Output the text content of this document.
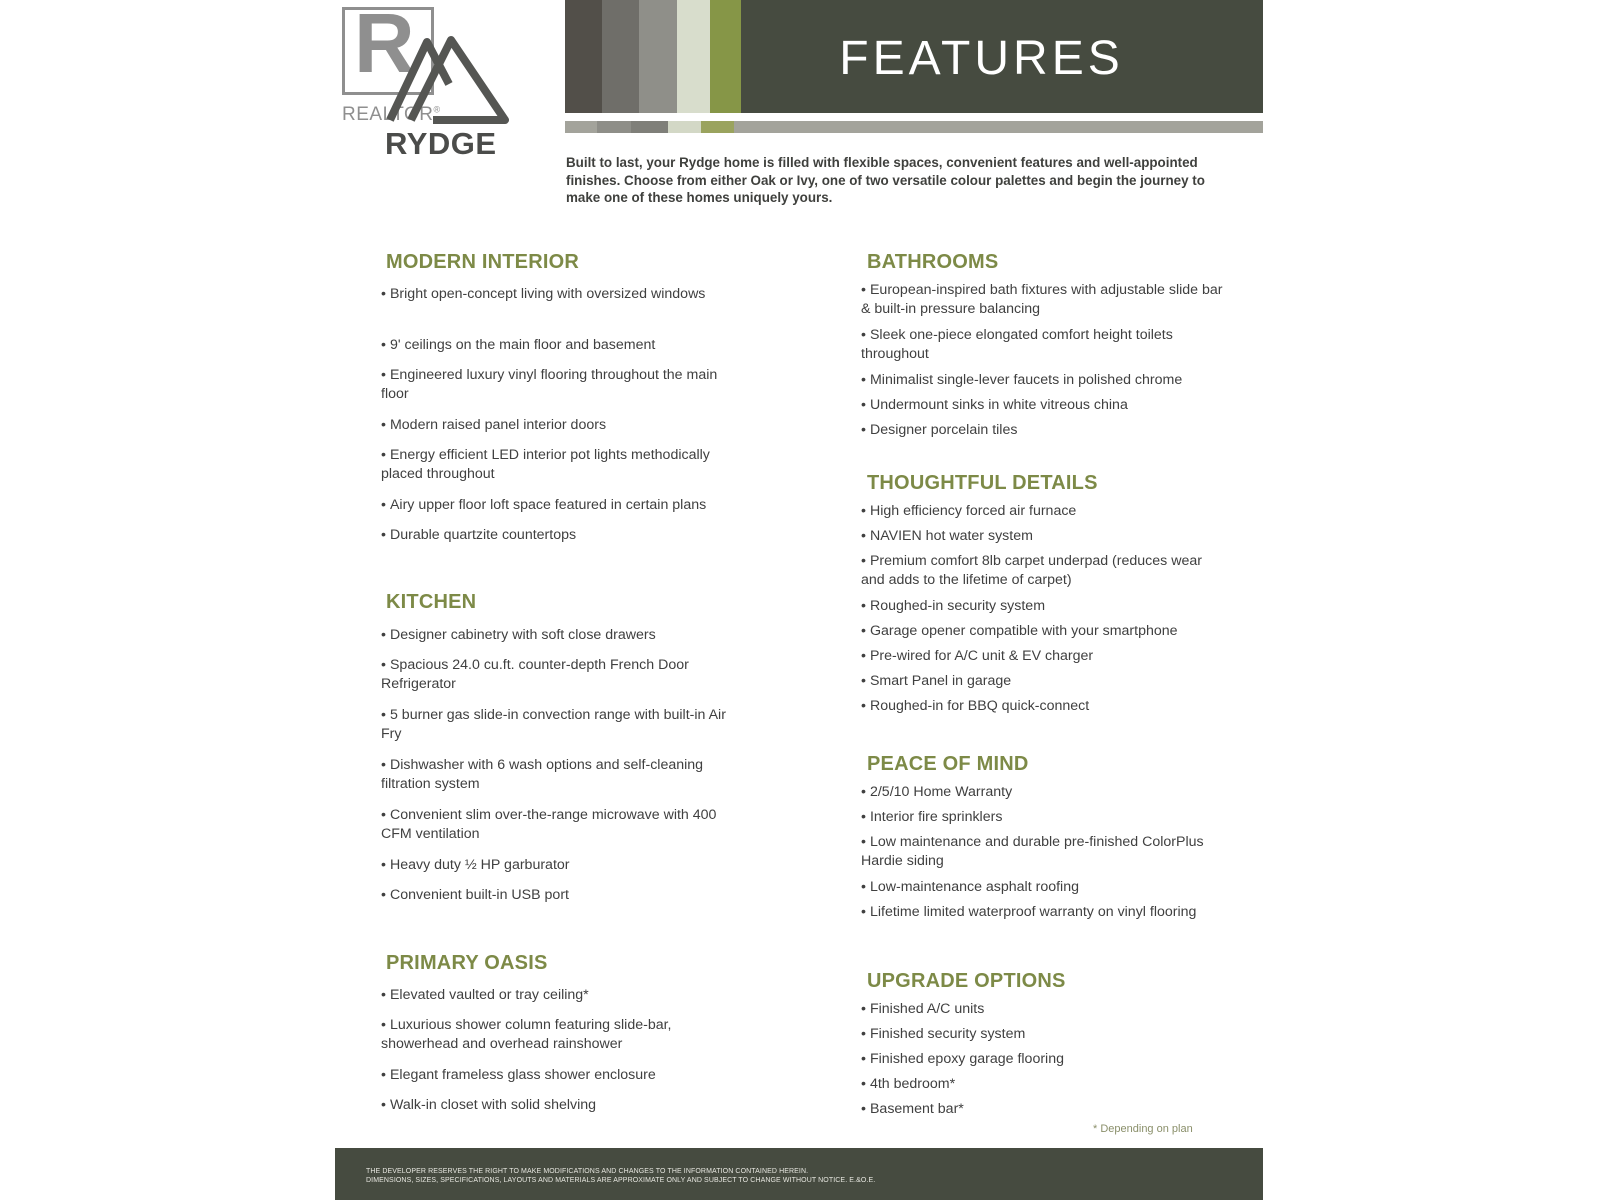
R
REALTOR®
RYDGE
FEATURES
Built to last, your Rydge home is filled with flexible spaces, convenient features and well-appointed finishes. Choose from either Oak or Ivy, one of two versatile colour palettes and begin the journey to make one of these homes uniquely yours.
MODERN INTERIOR
• Bright open-concept living with oversized windows
• 9' ceilings on the main floor and basement
• Engineered luxury vinyl flooring throughout the main floor
• Modern raised panel interior doors
• Energy efficient LED interior pot lights methodically placed throughout
• Airy upper floor loft space featured in certain plans
• Durable quartzite countertops
KITCHEN
• Designer cabinetry with soft close drawers
• Spacious 24.0 cu.ft. counter-depth French Door Refrigerator
• 5 burner gas slide-in convection range with built-in Air Fry
• Dishwasher with 6 wash options and self-cleaning filtration system
• Convenient slim over-the-range microwave with 400 CFM ventilation
• Heavy duty ½ HP garburator
• Convenient built-in USB port
PRIMARY OASIS
• Elevated vaulted or tray ceiling*
• Luxurious shower column featuring slide-bar, showerhead and overhead rainshower
• Elegant frameless glass shower enclosure
• Walk-in closet with solid shelving
BATHROOMS
• European-inspired bath fixtures with adjustable slide bar & built-in pressure balancing
• Sleek one-piece elongated comfort height toilets throughout
• Minimalist single-lever faucets in polished chrome
• Undermount sinks in white vitreous china
• Designer porcelain tiles
THOUGHTFUL DETAILS
• High efficiency forced air furnace
• NAVIEN hot water system
• Premium comfort 8lb carpet underpad (reduces wear and adds to the lifetime of carpet)
• Roughed-in security system
• Garage opener compatible with your smartphone
• Pre-wired for A/C unit & EV charger
• Smart Panel in garage
• Roughed-in for BBQ quick-connect
PEACE OF MIND
• 2/5/10 Home Warranty
• Interior fire sprinklers
• Low maintenance and durable pre-finished ColorPlus Hardie siding
• Low-maintenance asphalt roofing
• Lifetime limited waterproof warranty on vinyl flooring
UPGRADE OPTIONS
• Finished A/C units
• Finished security system
• Finished epoxy garage flooring
• 4th bedroom*
• Basement bar*
* Depending on plan
THE DEVELOPER RESERVES THE RIGHT TO MAKE MODIFICATIONS AND CHANGES TO THE INFORMATION CONTAINED HEREIN.
DIMENSIONS, SIZES, SPECIFICATIONS, LAYOUTS AND MATERIALS ARE APPROXIMATE ONLY AND SUBJECT TO CHANGE WITHOUT NOTICE. E.&O.E.
